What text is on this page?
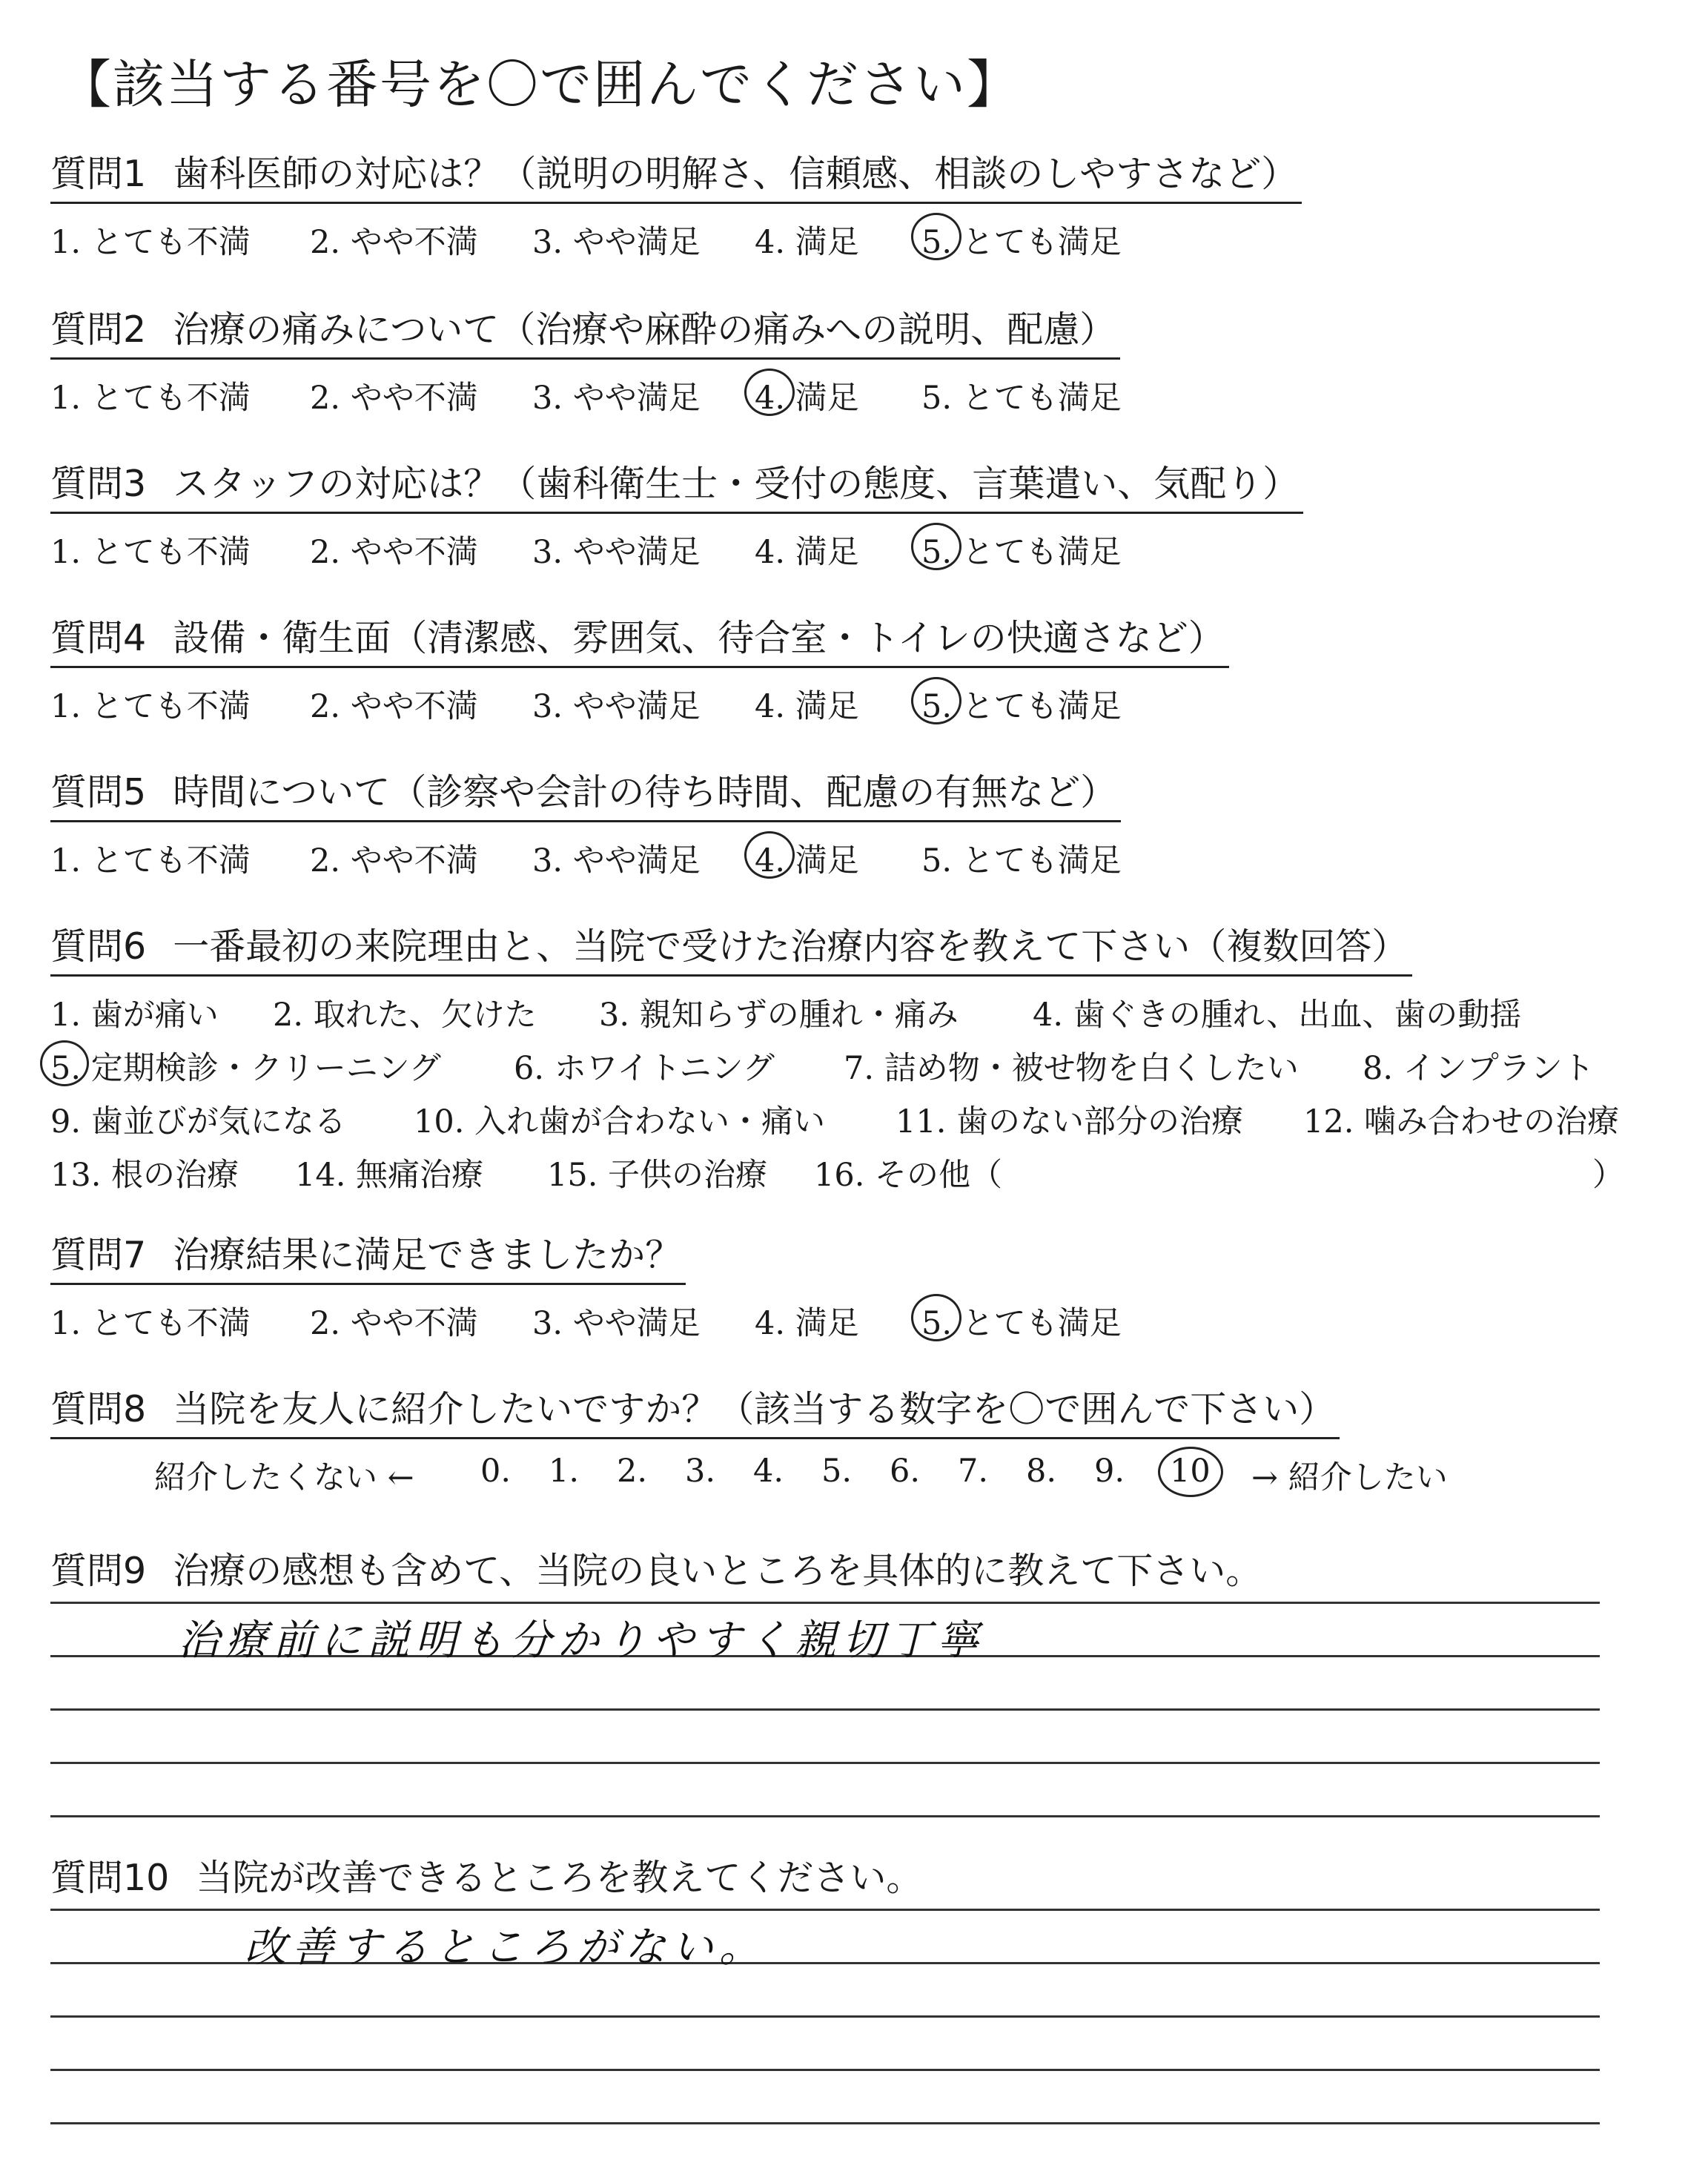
【該当する番号を〇で囲んでください】
質問1 歯科医師の対応は？（説明の明解さ、信頼感、相談のしやすさなど）
1. とても不満 2. やや不満 3. やや満足 4. 満足 5. とても満足
質問2 治療の痛みについて（治療や麻酔の痛みへの説明、配慮）
1. とても不満 2. やや不満 3. やや満足 4. 満足 5. とても満足
質問3 スタッフの対応は？（歯科衛生士・受付の態度、言葉遣い、気配り）
1. とても不満 2. やや不満 3. やや満足 4. 満足 5. とても満足
質問4 設備・衛生面（清潔感、雰囲気、待合室・トイレの快適さなど）
1. とても不満 2. やや不満 3. やや満足 4. 満足 5. とても満足
質問5 時間について（診察や会計の待ち時間、配慮の有無など）
1. とても不満 2. やや不満 3. やや満足 4. 満足 5. とても満足
質問6 一番最初の来院理由と、当院で受けた治療内容を教えて下さい（複数回答）
1. 歯が痛い 2. 取れた、欠けた 3. 親知らずの腫れ・痛み 4. 歯ぐきの腫れ、出血、歯の動揺
5. 定期検診・クリーニング 6. ホワイトニング 7. 詰め物・被せ物を白くしたい 8. インプラント
9. 歯並びが気になる 10. 入れ歯が合わない・痛い 11. 歯のない部分の治療 12. 噛み合わせの治療
13. 根の治療 14. 無痛治療 15. 子供の治療 16. その他（	）
質問7 治療結果に満足できましたか？
1. とても不満 2. やや不満 3. やや満足 4. 満足 5. とても満足
質問8 当院を友人に紹介したいですか？（該当する数字を〇で囲んで下さい）
紹介したくない ← 0. 1. 2. 3. 4. 5. 6. 7. 8. 9. 10 → 紹介したい
質問9 治療の感想も含めて、当院の良いところを具体的に教えて下さい。
治療前に説明も分かりやすく親切丁寧
質問10 当院が改善できるところを教えてください。
改善するところがない。
